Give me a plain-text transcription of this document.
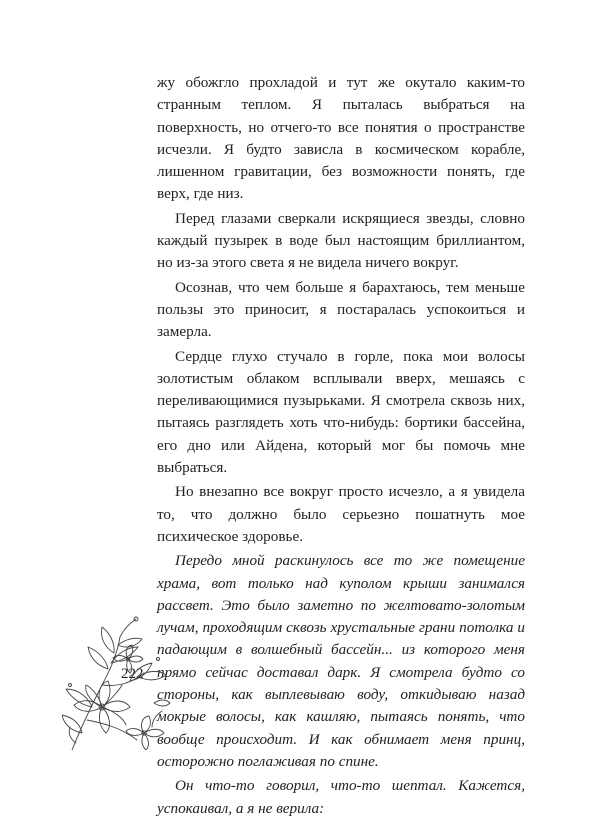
жу обожгло прохладой и тут же окутало каким-то странным теплом. Я пыталась выбраться на поверхность, но отчего-то все понятия о пространстве исчезли. Я будто зависла в космическом корабле, лишенном гравитации, без возможности понять, где верх, где низ.

Перед глазами сверкали искрящиеся звезды, словно каждый пузырек в воде был настоящим бриллиантом, но из-за этого света я не видела ничего вокруг.

Осознав, что чем больше я барахтаюсь, тем меньше пользы это приносит, я постаралась успокоиться и замерла.

Сердце глухо стучало в горле, пока мои волосы золотистым облаком всплывали вверх, мешаясь с переливающимися пузырьками. Я смотрела сквозь них, пытаясь разглядеть хоть что-нибудь: бортики бассейна, его дно или Айдена, который мог бы помочь мне выбраться.

Но внезапно все вокруг просто исчезло, а я увидела то, что должно было серьезно пошатнуть мое психическое здоровье.

Передо мной раскинулось все то же помещение храма, вот только над куполом крыши занимался рассвет. Это было заметно по желтовато-золотым лучам, проходящим сквозь хрустальные грани потолка и падающим в волшебный бассейн... из которого меня прямо сейчас доставал дарк. Я смотрела будто со стороны, как выплевываю воду, откидываю назад мокрые волосы, как кашляю, пытаясь понять, что вообще происходит. И как обнимает меня принц, осторожно поглаживая по спине.

Он что-то говорил, что-то шептал. Кажется, успокаивал, а я не верила:

222
